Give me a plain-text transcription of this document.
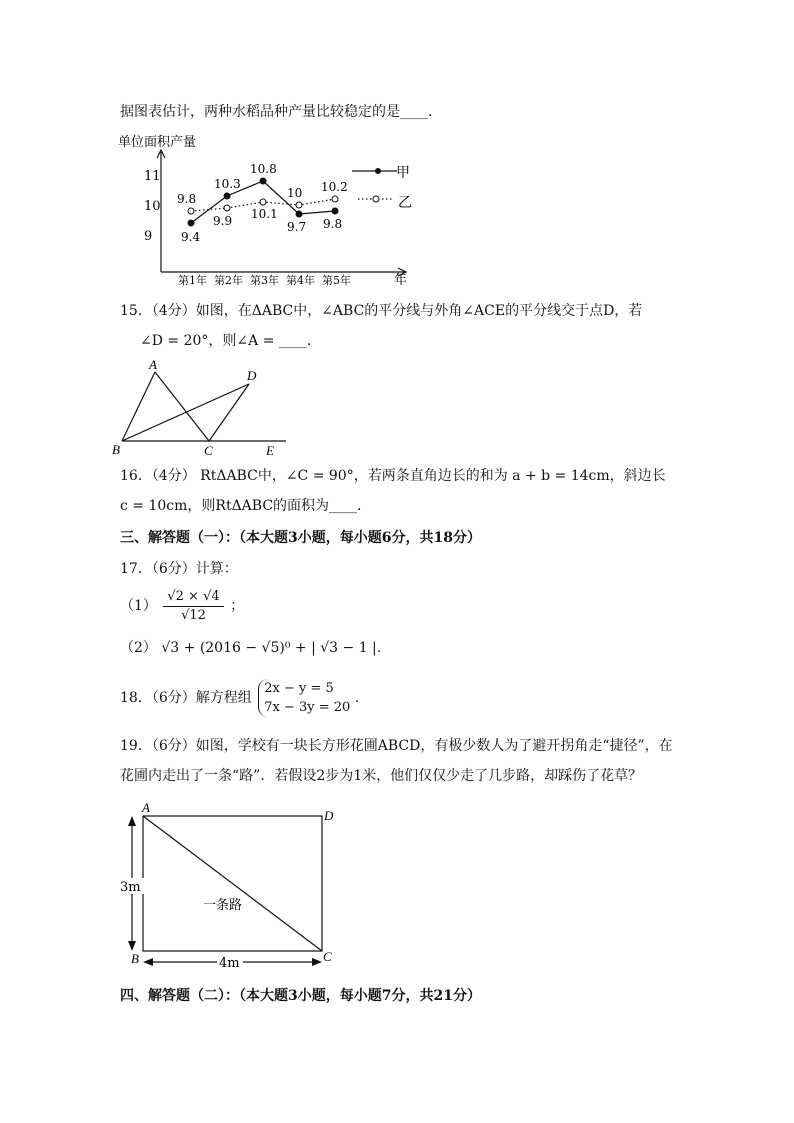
据图表估计，两种水稻品种产量比较稳定的是____.
单位面积产量
年
11
10
9
第1年 第2年 第3年 第4年 第5年
9.4
10.3
10.8
9.7 9.8
9.8
9.9 10.1
10 10.2
甲
乙
15．（4分）如图，在ΔABC中，∠ABC的平分线与外角∠ACE的平分线交于点D，若
∠D = 20°，则∠A = ____.
A
B	C
D
E
16．（4分） RtΔABC中，∠C = 90°，若两条直角边长的和为 a + b = 14cm，斜边长
c = 10cm，则RtΔABC的面积为____.
三、解答题（一）：（本大题3小题，每小题6分，共18分）
17．（6分）计算：
$(1) \frac{√2 \times √4}{√12}$ ；
（2） √3 + (2016 − √5)⁰ + | √3 − 1 |.
18．（6分）解方程组
2x − y = 5
7x − 3y = 20
.
19．（6分）如图，学校有一块长方形花圃ABCD，有极少数人为了避开拐角走“捷径”，在
花圃内走出了一条“路”．若假设2步为1米，他们仅仅少走了几步路，却踩伤了花草？
3m
4m
一条路
A
B	C
D
四、解答题（二）：（本大题3小题，每小题7分，共21分）
